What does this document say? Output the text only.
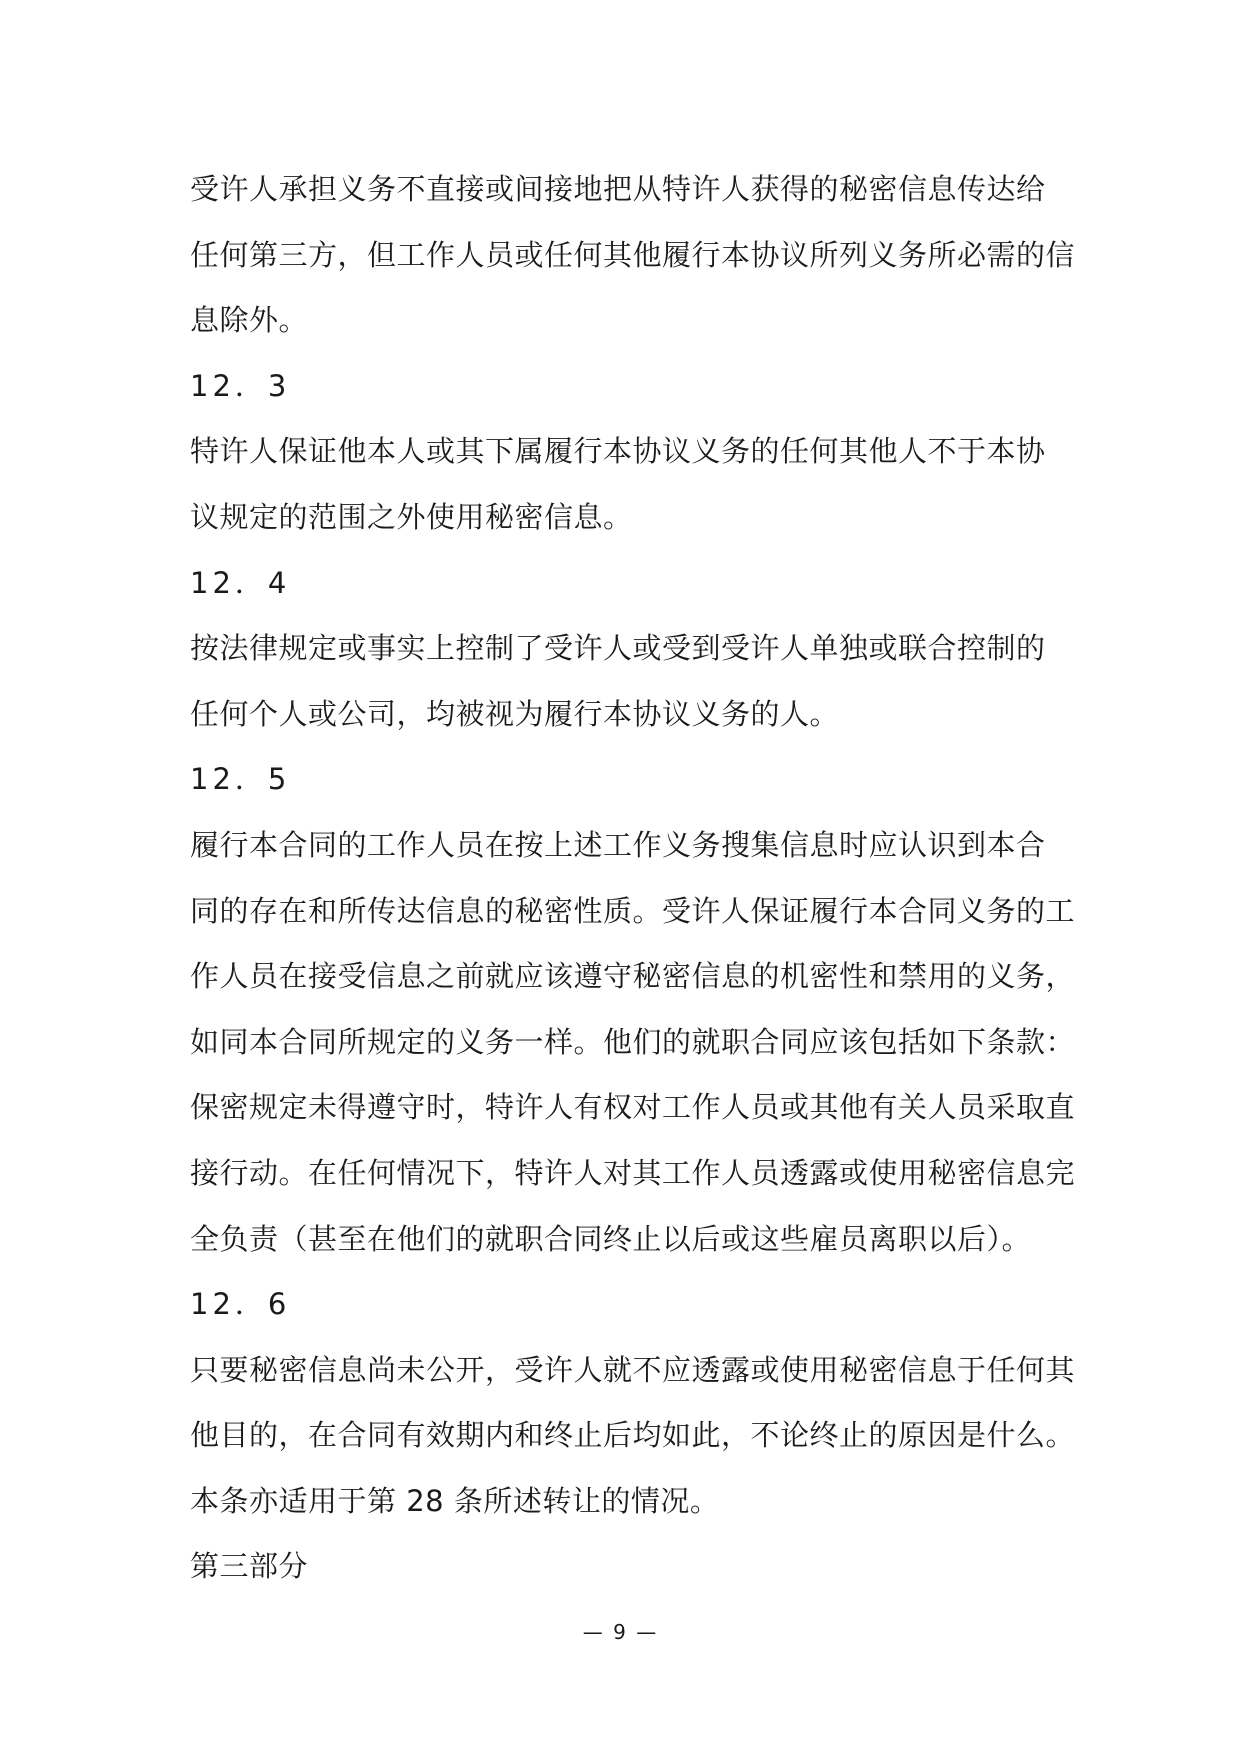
受许人承担义务不直接或间接地把从特许人获得的秘密信息传达给
任何第三方，但工作人员或任何其他履行本协议所列义务所必需的信
息除外。
12．3
特许人保证他本人或其下属履行本协议义务的任何其他人不于本协
议规定的范围之外使用秘密信息。
12．4
按法律规定或事实上控制了受许人或受到受许人单独或联合控制的
任何个人或公司，均被视为履行本协议义务的人。
12．5
履行本合同的工作人员在按上述工作义务搜集信息时应认识到本合
同的存在和所传达信息的秘密性质。受许人保证履行本合同义务的工
作人员在接受信息之前就应该遵守秘密信息的机密性和禁用的义务，
如同本合同所规定的义务一样。他们的就职合同应该包括如下条款：
保密规定未得遵守时，特许人有权对工作人员或其他有关人员采取直
接行动。在任何情况下，特许人对其工作人员透露或使用秘密信息完
全负责（甚至在他们的就职合同终止以后或这些雇员离职以后）。
12．6
只要秘密信息尚未公开，受许人就不应透露或使用秘密信息于任何其
他目的，在合同有效期内和终止后均如此，不论终止的原因是什么。
本条亦适用于第 28 条所述转让的情况。
第三部分
— 9 —
